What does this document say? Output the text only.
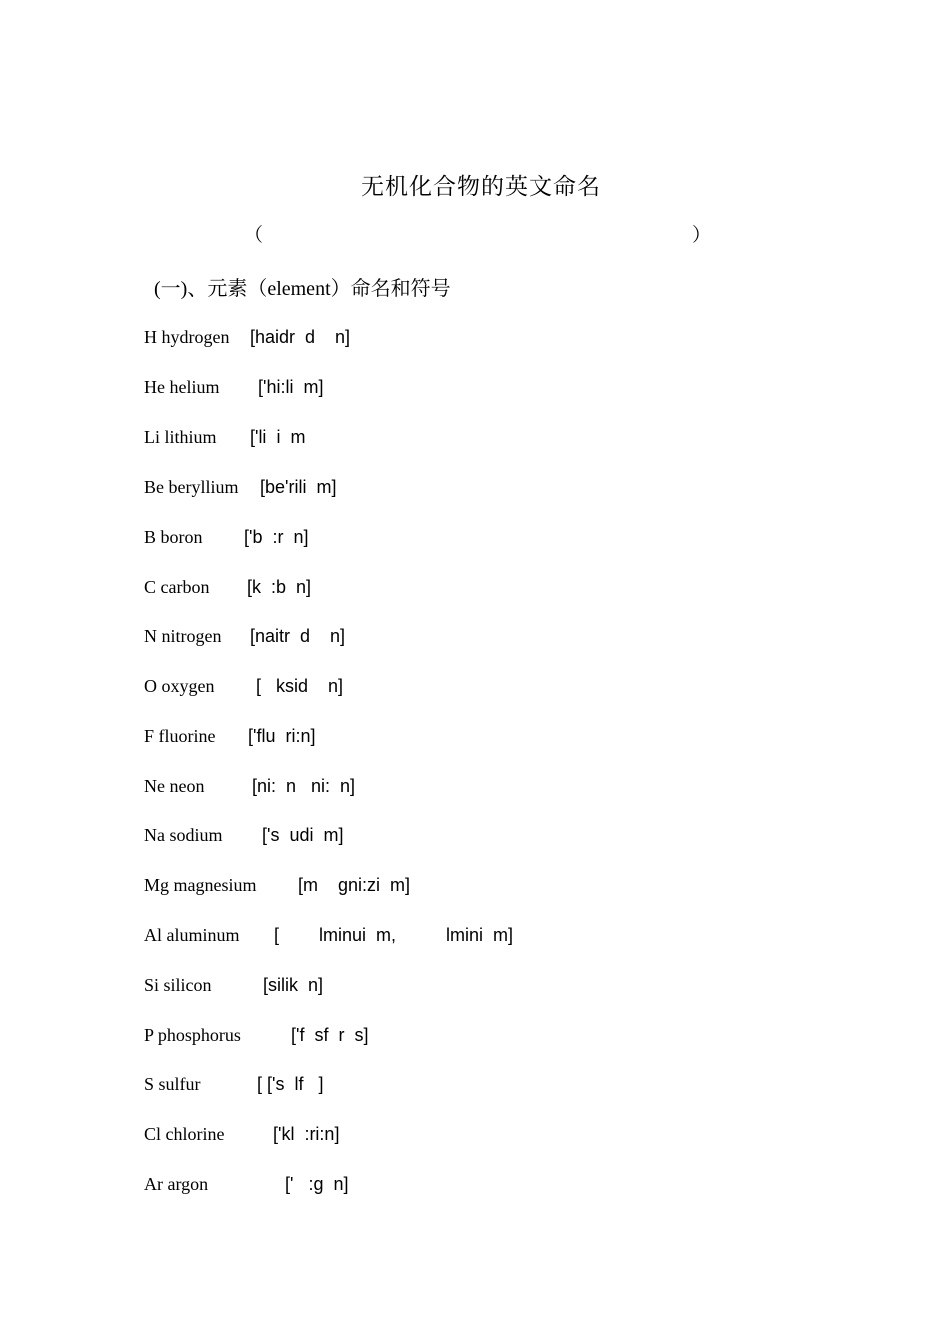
无机化合物的英文命名
（	）
(一)、元素（element）命名和符号
H hydrogen [haidr  d    n]
He helium ['hi:li  m]
Li lithium ['li  i  m
Be beryllium [be'rili  m]
B boron ['b  :r  n]
C carbon [k  :b  n]
N nitrogen [naitr  d    n]
O oxygen [   ksid    n]
F fluorine ['flu  ri:n]
Ne neon	[ni:  n   ni:  n]
Na sodium ['s  udi  m]
Mg magnesium [m    gni:zi  m]
Al aluminum [        lminui  m,          lmini  m]
Si silicon	[silik  n]
P phosphorus	['f  sf  r  s]
S sulfur	[ ['s  lf   ]
Cl chlorine	['kl  :ri:n]
Ar argon	['   :g  n]
